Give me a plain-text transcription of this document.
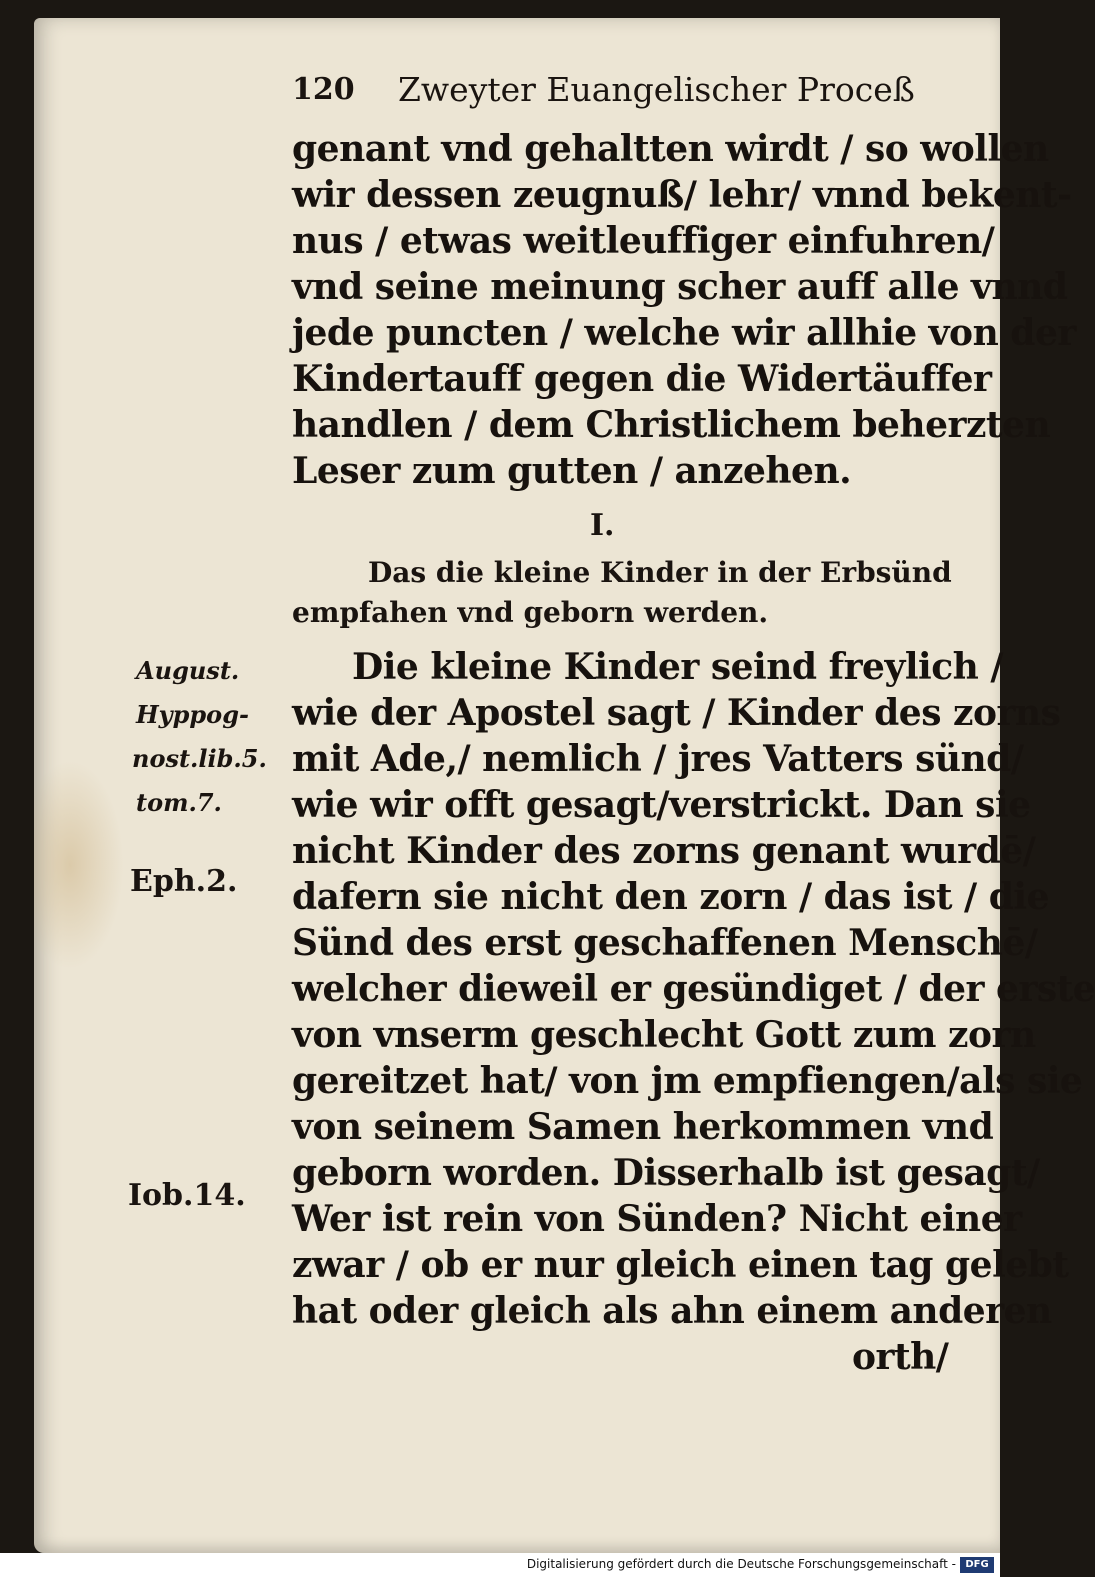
120 Zweyter Euangelischer Proceß
genant vnd gehaltten wirdt / so wollen
wir dessen zeugnuß/ lehr/ vnnd bekent-
nus / etwas weitleuffiger einfuhren/
vnd seine meinung scher auff alle vnnd
jede puncten / welche wir allhie von der
Kindertauff gegen die Widertäuffer
handlen / dem Christlichem beherzten
Leser zum gutten / anzehen.
I.
Das die kleine Kinder in der Erbsünd
empfahen vnd geborn werden.
Die kleine Kinder seind freylich /
wie der Apostel sagt / Kinder des zorns
mit Ade,/ nemlich / jres Vatters sünd/
wie wir offt gesagt/verstrickt. Dan sie
nicht Kinder des zorns genant wurdē/
dafern sie nicht den zorn / das ist / die
Sünd des erst geschaffenen Menschē/
welcher dieweil er gesündiget / der erste
von vnserm geschlecht Gott zum zorn
gereitzet hat/ von jm empfiengen/als sie
von seinem Samen herkommen vnd
geborn worden. Disserhalb ist gesagt/
Wer ist rein von Sünden? Nicht einer
zwar / ob er nur gleich einen tag gelebt
hat oder gleich als ahn einem anderen
orth/
August.
Hyppog-
nost.lib.5.
tom.7.
Eph.2.
Iob.14.
Digitalisierung gefördert durch die Deutsche Forschungsgemeinschaft - DFG
